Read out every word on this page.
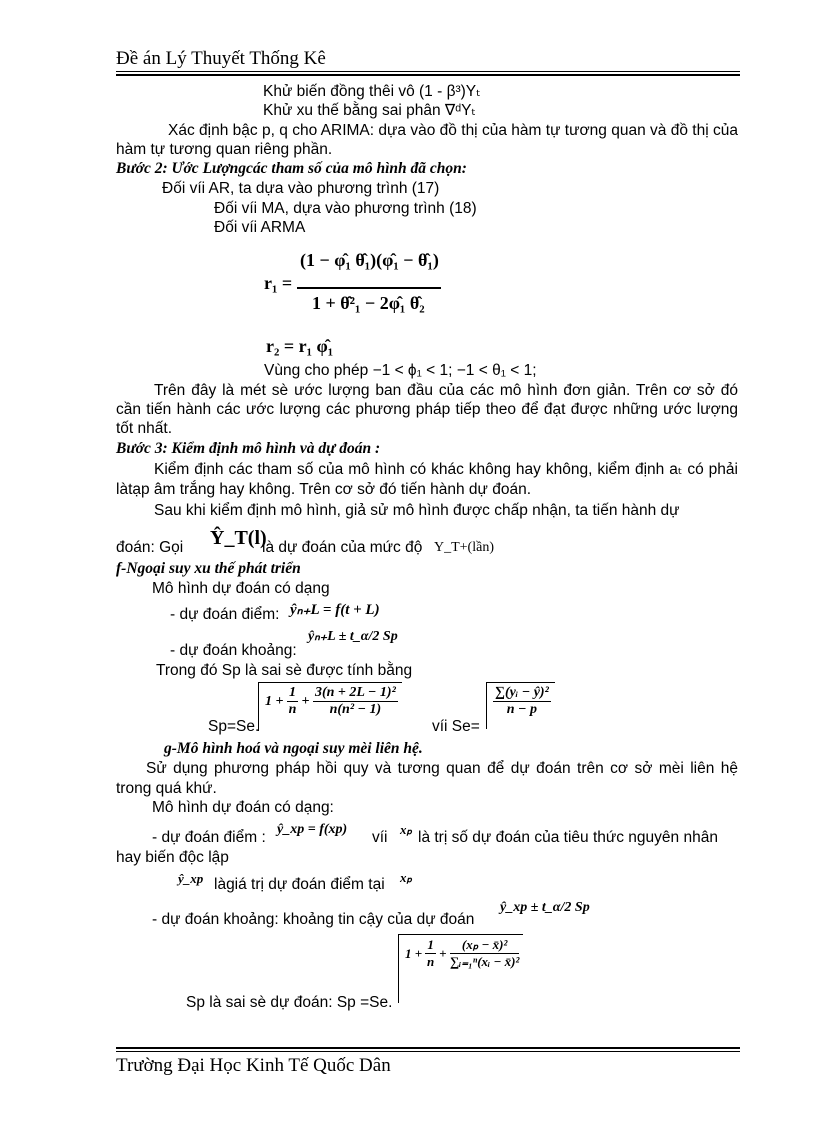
Đề án Lý Thuyết Thống Kê
Khử biến đồng thêi vô (1 - β³)Yₜ
Khử xu thế bằng sai phân ∇ᵈYₜ
Xác định bậc p, q cho ARIMA: dựa vào đồ thị của hàm tự tương quan và đồ thị của hàm tự tương quan riêng phần.
Bước 2: Ước Lượngcác tham số của mô hình đã chọn:
Đối víi AR, ta dựa vào phương trình (17)
Đối víi MA, dựa vào phương trình (18)
Đối víi ARMA
r₁ =
(1 − φ̂₁ θ̂₁)(φ̂₁ − θ̂₁)
1 + θ̂²₁ − 2φ̂₁ θ̂₂
r₂ = r₁ φ̂₁
Vùng cho phép −1 < ϕ₁ < 1; −1 < θ₁ < 1;
Trên đây là mét sè ước lượng ban đầu của các mô hình đơn giản. Trên cơ sở đó cần tiến hành các ước lượng các phương pháp tiếp theo để đạt được những ước lượng tốt nhất.
Bước 3: Kiểm định mô hình và dự đoán :
Kiểm định các tham số của mô hình có khác không hay không, kiểm định aₜ có phải làtạp âm trắng hay không. Trên cơ sở đó tiến hành dự đoán.
Sau khi kiểm định mô hình, giả sử mô hình được chấp nhận, ta tiến hành dự
đoán: Gọi Ŷ_T(l)
là dự đoán của mức độ Y_T+(lần)
f-Ngoại suy xu thế phát triển
Mô hình dự đoán có dạng
- dự đoán điểm: ŷₙ₊L = f(t + L)
- dự đoán khoảng:
ŷₙ₊L ± t_α/2 Sp
Trong đó Sp là sai sè được tính bằng
Sp=Se.
$1 + \frac{1}{n} + \frac{\text{3(n + 2L − 1)²}}{\text{n(n² − 1)}}$
víi Se=
$\frac{\text{∑(yᵢ − ŷ)²}}{n - p}$
g-Mô hình hoá và ngoại suy mèi liên hệ.
Sử dụng phương pháp hồi quy và tương quan để dự đoán trên cơ sở mèi liên hệ trong quá khứ.
Mô hình dự đoán có dạng:
- dự đoán điểm : ŷ_xp = f(xp) víi xₚ là trị số dự đoán của tiêu thức nguyên nhân
hay biến độc lập
ŷ_xp làgiá trị dự đoán điểm tại xₚ
- dự đoán khoảng: khoảng tin cậy của dự đoán
ŷ_xp ± t_α/2 Sp
$1 + \frac{1}{n} + \frac{\text{(xₚ − x̄)²}}{\text{∑ᵢ₌₁ⁿ(xᵢ − x̄)²}}$
Sp là sai sè dự đoán: Sp =Se.
Trường Đại Học Kinh Tế Quốc Dân
